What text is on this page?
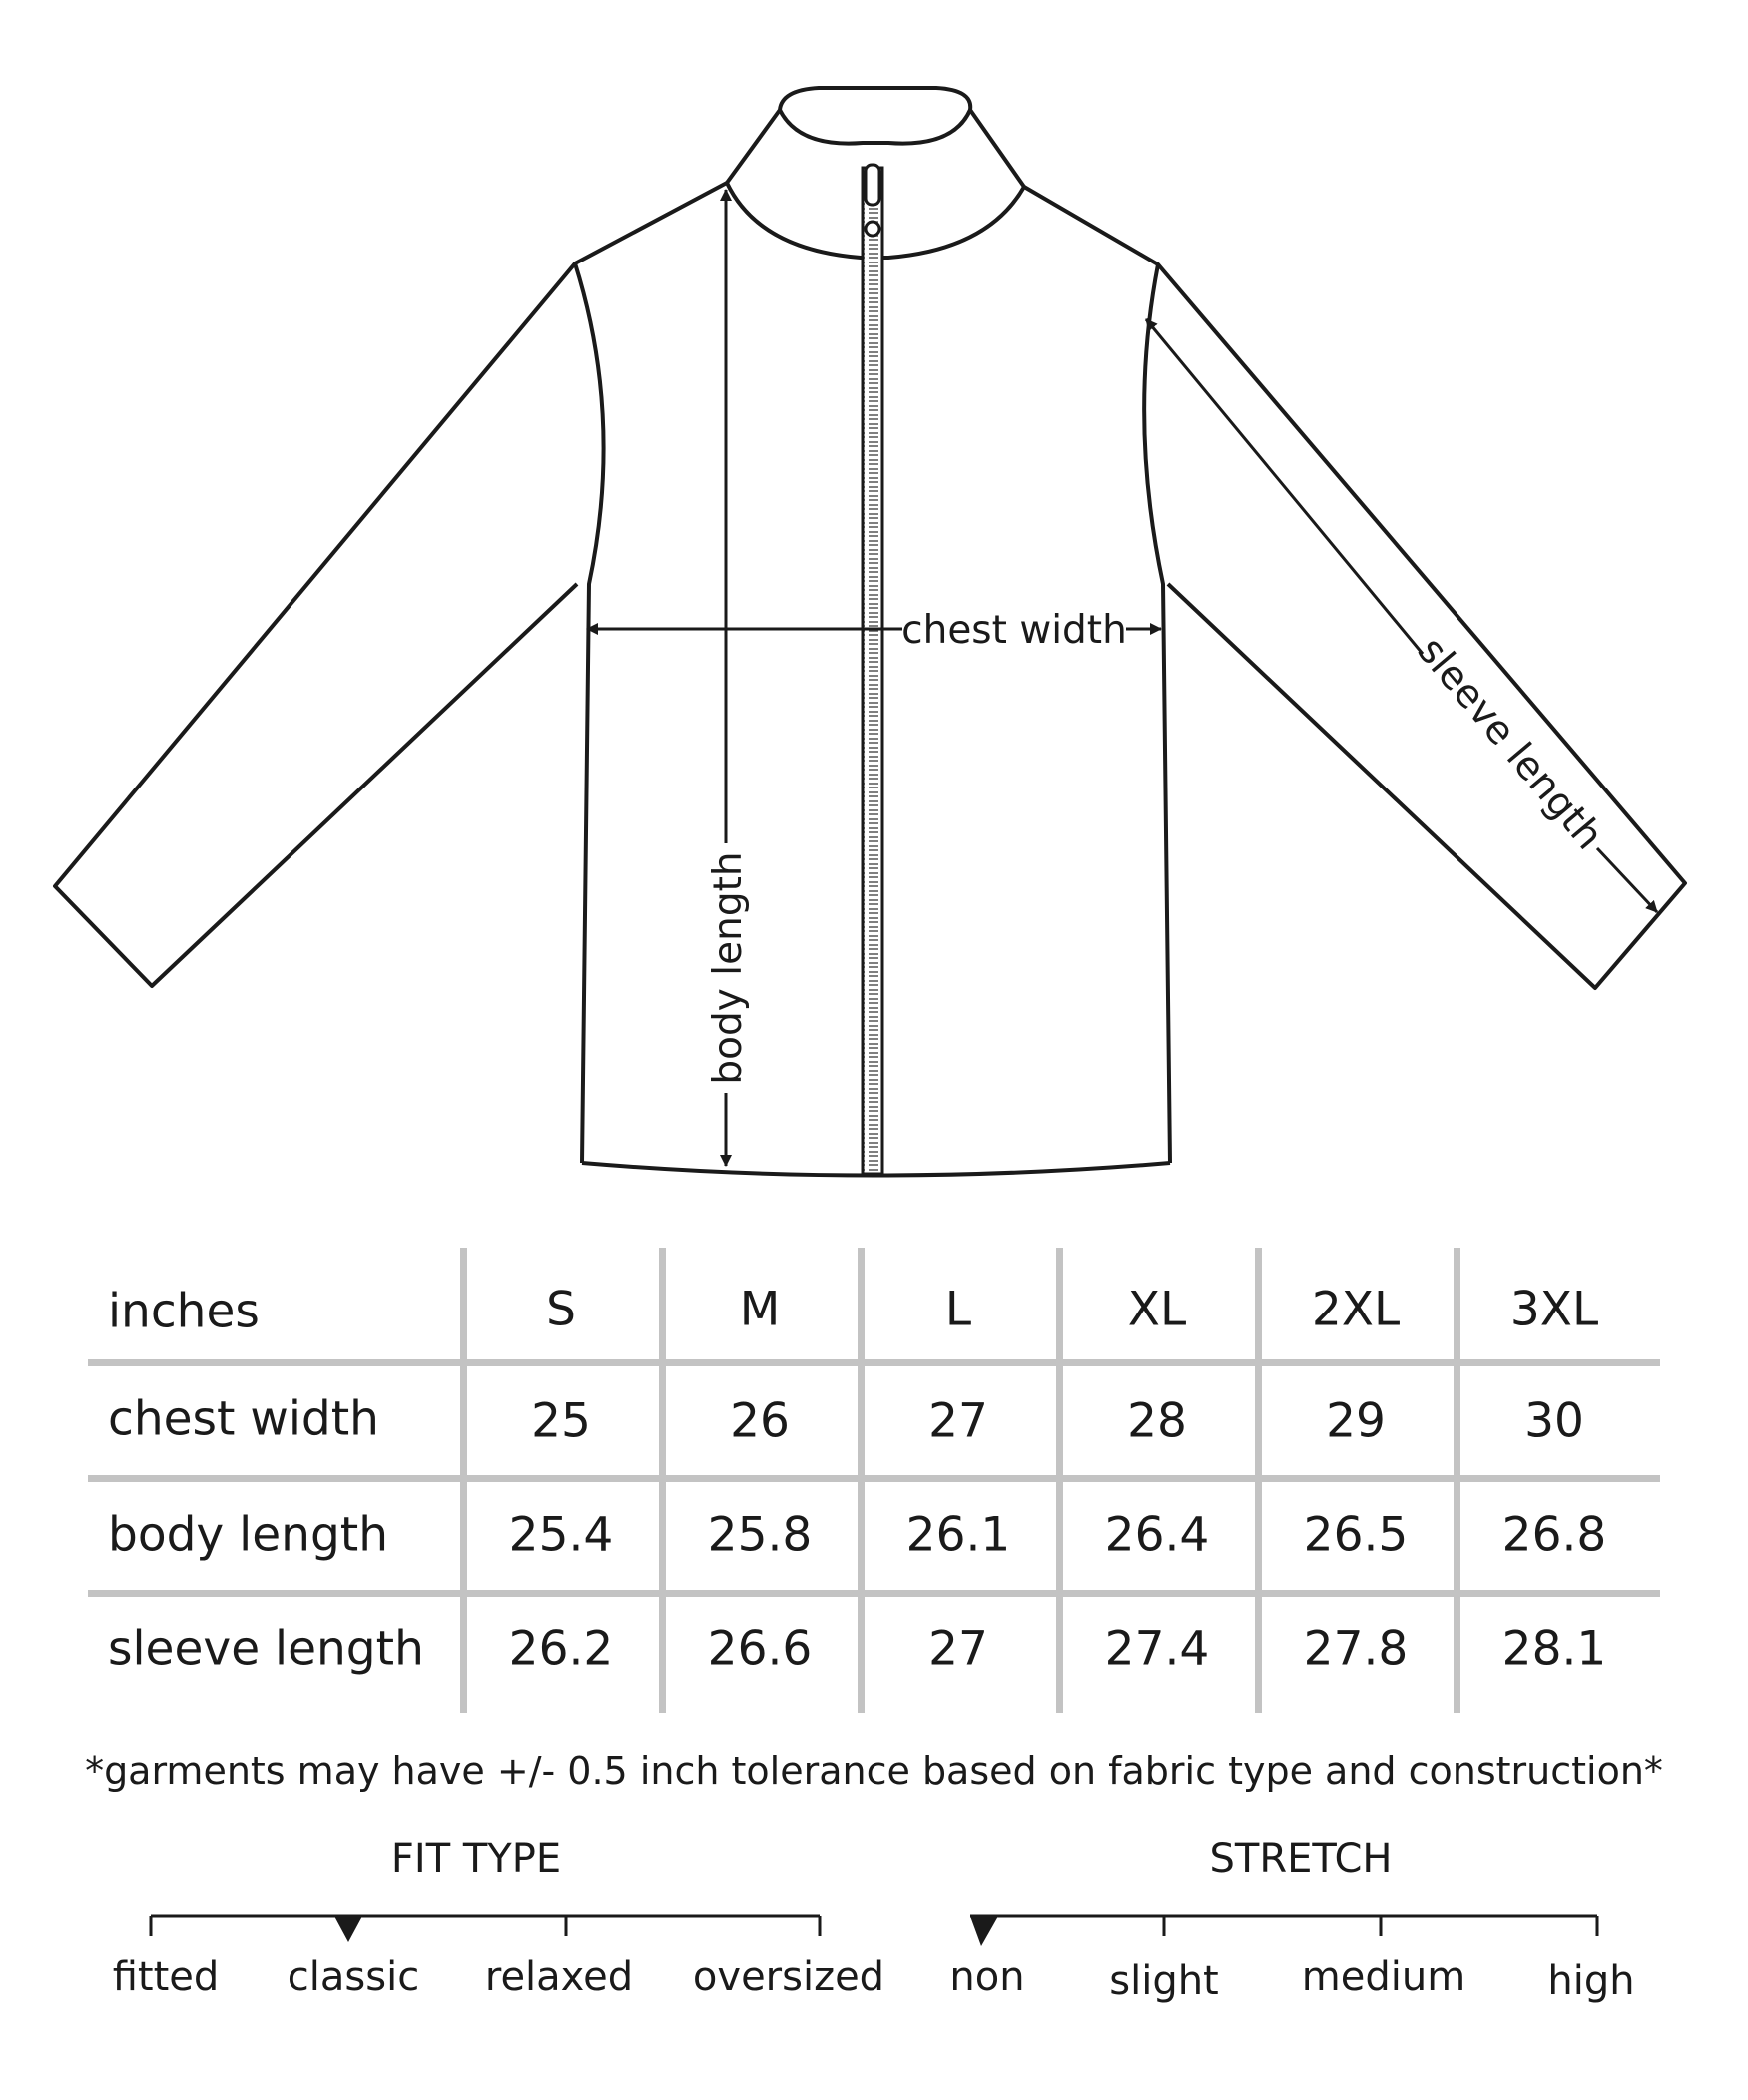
chest width
body length
sleeve length
inches	S	M	L	XL	2XL 3XL
chest width	25	26	27	28	29	30
body length	25.4 25.8 26.1 26.4 26.5 26.8
sleeve length 26.2 26.6 27 27.4 27.8 28.1
*garments may have +/- 0.5 inch tolerance based on fabric type and construction*
FIT TYPE
fitted classic relaxed oversized
STRETCH
non slight medium high
